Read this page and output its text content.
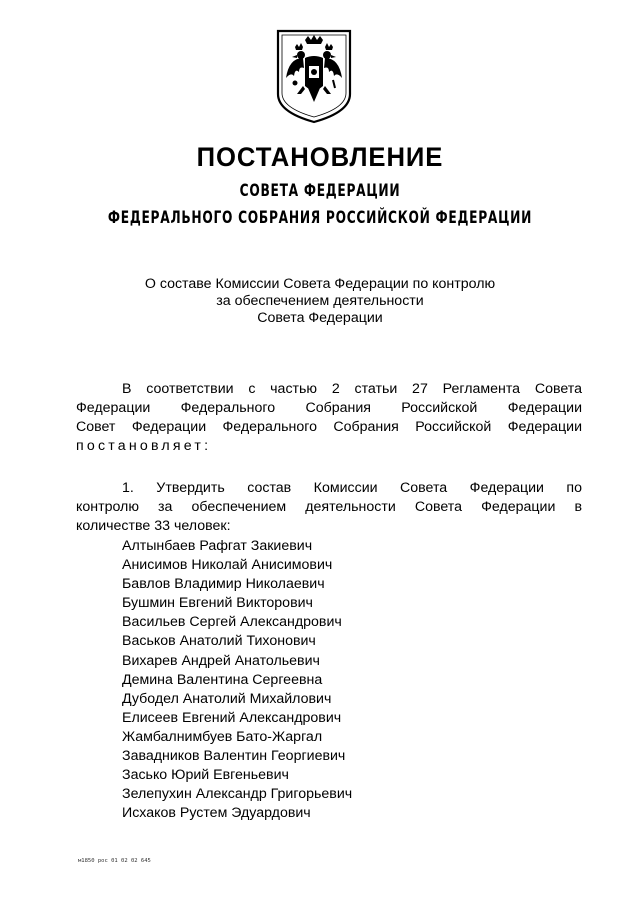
ПОСТАНОВЛЕНИЕ
СОВЕТА ФЕДЕРАЦИИ
ФЕДЕРАЛЬНОГО СОБРАНИЯ РОССИЙСКОЙ ФЕДЕРАЦИИ
О составе Комиссии Совета Федерации по контролю
за обеспечением деятельности
Совета Федерации
В соответствии с частью 2 статьи 27 Регламента Совета
Федерации Федерального Собрания Российской Федерации
Совет Федерации Федерального Собрания Российской Федерации
постановляет:
1. Утвердить состав Комиссии Совета Федерации по
контролю за обеспечением деятельности Совета Федерации в
количестве 33 человек:
Алтынбаев Рафгат Закиевич
Анисимов Николай Анисимович
Бавлов Владимир Николаевич
Бушмин Евгений Викторович
Васильев Сергей Александрович
Васьков Анатолий Тихонович
Вихарев Андрей Анатольевич
Демина Валентина Сергеевна
Дубодел Анатолий Михайлович
Елисеев Евгений Александрович
Жамбалнимбуев Бато-Жаргал
Завадников Валентин Георгиевич
Засько Юрий Евгеньевич
Зелепухин Александр Григорьевич
Исхаков Рустем Эдуардович
м1850 рос 01 02 02 645
